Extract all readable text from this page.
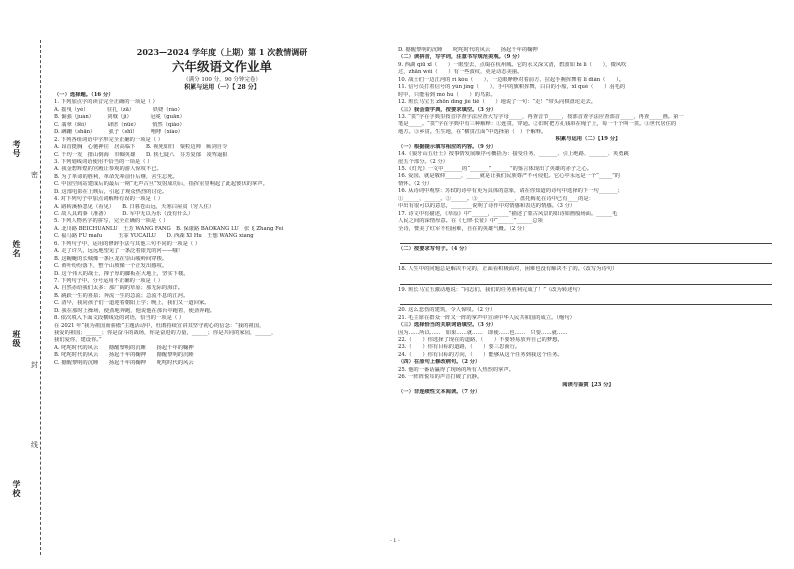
考号
姓名
班级
学校
密
封
线
2023—2024 学年度（上期）第 1 次教情调研
六年级语文作业单
（满分 100 分，90 分钟完卷）
积累与运用（一）【 28 分】
（一）选择题。（16 分）
1. 下列加点字的读音完全正确的一项是（ ）
A. 摇曳（yè）　　　　驻扎（zā）　　　　妖娆（ráo）
B. 倔强（juàn）　　　剑戟（jǐ）　　　　冠冕（guān）
C. 翡翠（fěi）　　　　肆虐（nüè）　　　悄然（qiǎo）
D. 蹒跚（shān）　　　虱子（shī）　　　咆哮（xiào）
2. 下列各组词语中字形完全正确的一项是（ ）
A. 昂首挺胸　心驰神往　居高临下　　B. 视死如归　粟粒边帅　厮剑自令
C. 千均一发　排山倒海　巾帼英雄　　D. 狭七陡八　芬芳复郁　凌驾逼狠
3. 下列划线词语使用不恰当的一项是（ ）
A. 我金碧辉煌的宫殿让参观的游人惊叹不已。
B. 为了革命的胜利，革命先辈前仆后继，舍生忘死。
C. 中国空间站建成后的最后一期“无声古旦”发射成功后，指挥室里响起了此起彼伏的掌声。
D. 这部电影在上映后，引起了观众热烈的讨论。
4. 对下列句子中加点词解释有误的一项是（ ）
A. 路转溪桥忽见（看见）　　B. 日暮苍山远，天寒白屋贫（穷人住）
C. 故人具鸡黍（准备）　　　D. 军中无以为乐（没有什么）
5. 下列人物名字的拼写，完全正确的一项是（ ）
A. 北川路 BEICHUANLU　王芳 WANG FANG　B. 保康路 BAOKANG LU　张飞 Zhang Fei
C. 福马路 FU mafu　　　玉霏 YUCAILU　　D. 西湖 XI Hu　王想 WANG xiang
6. 下列句子中，运用的修辞手法与其他三句不同的一项是（ ）
A. 走了许久，远远地望见了一条泛着银光的河——哦！
B. 这蜿蜒的长城像一条巨龙在崇山峻岭间穿梭。
C. 黄叶纷纷落下，整个山坡像一个正发出感叹。
D. 这个伟大的战士，撑子厚的脚板在大地上，坚实下楼。
7. 下列句子中，分号运用不正确的一项是（ ）
A. 自然赤给我们太多：那广阔的草原；那无际的海洋。
B. 跳跃一生的喜泉；奔流一生的急流；急流不息的江河。
C. 清早，我同孩子们一道迎着朝阳上学；晚上，我们又一道回家。
D. 我在那时上操场，使劲地奔跑，他说他在那台中跑着，使劲奔跑。
8. 依次填入下面文段横线处的词语，恰当的一项是（ ）
在 2021 年“我为祖国而骄傲”主题活动中，杜鹃持续宣讲其坚守初心的信念：“我的祖国，
我爱的祖国；______；你是奋斗的战场，你是奋进的力量，______；你是共同的家园，______，
我们爱你，建设你。”
A. 叱咤时代的风云　　撼醒黎明的沉睡　　扬起千年的鞠押
B. 叱咤时代的风云　　扬起千年的鞠押　　撼醒黎明的沉睡
C. 撼醒黎明的沉睡　　扬起千年的鞠押　　叱咤时代的风云
D. 撼醒黎明的沉睡　　叱咤时代的风云　　扬起千年的鞠押
（二）读拼音，写字词，注意书写规范美观。（9 分）
9. 西湖 qiū xī（　　）一眼望去，点缀在杭州城。它的水又深又清，碧波如 bì lì（　　），微风吹
过，zhān wèi（　　）有一些波纹，更是动态美丽。
10. 战士们一边江河的 rì kòu（　　），一边眼睁睁对着前方，拉起手腕挥舞着 lǐ diǎn（　　）。
11. 信号员打着信号的 yùn jìng（　　），手中的旗帜挥舞，白白的小船，xī què（　　）羽毛的
时中，只能看到 mó hu（　　）的鸟影。
12. 班长马宝玉 zhōn dìng jié tiě（　　）地说了一句：“走！”带头向棋盘坨走去。
（三）我会查字典，按要求填空。（3 分）
13. “贯”字在字典里按音序查字法应查大写字母_____，再查音节_____，按部首查字法应查部首_____，再查_____画。第一
笔是_____。“贯”字在字典中有三种解释：①连贯，穿通。②旧时把方孔钱串在绳子上，每一千个叫一贯。③世代居住的
地方。③乡贯。生生地，在“横贯江面”中选择第（　）个解释。
积累与运用（二）【19 分】
（一）根据提示填写相应的内容。（9 分）
14.《狼牙山五壮士》按事情发展顺序可概括为：接受任务、_______、引上绝路、_______、英勇跳
崖五个部分。（2 分）
15.《灯光》一文中_______的“_______”_______”的鉴言体现出了英雄的赤子之心。
16. 爱国，就是敬仰______，_____就是让我们民族尊严不可侵犯。它心中永远是一个“_____”的
情怀。（2 分）
16. 从诗词中观察：苏轼的诗中有更为具体的意象，请在你知道的诗句中选择的下一句_______；
①______，______。②______。③______，______、盘托梅花在诗中已有____的是：
中出有很可以的意思，________说明了诗作中对情感和表达的情感。（3 分）
17. 诗文中有描述，《草原》中“______，______”描述了蒙古风景的如诗如画般场面。______毛
人民之间的深情厚意。在《七律·长征》中“______”______总领
全诗，赞美了红军不怕困难，自在的英雄气概。（2 分）
（二）按要求写句子。（4 分）
18. 人生中的问题总是解决不完的，正面看积极面对，困难也没有解决不了的。（改写为诗句）
19. 班长马宝玉激动地说：“同志们，我们的任务胜利完成了！”（改为转述句）
20. 这么悲伤的建筑，令人惊叹。（2 分）
21. 毛主席在群众一阵又一阵的掌声中宣读中华人民共和国的成立。（缩句）
（三）选择恰当的关联词语填空。（3 分）
因为……所以……　如果……就……　即使……也……　只要……就……
22.（　　）你选择了现在的道路，（　　）不要轻易放弃自己的梦想。
23.（　　）你有目标的道路，（　　）要三思而行。
24.（　　）你有目标的方向，（　　）能够从这个任务到我这个任务。
（四）在原句上修改病句。（2 分）
25. 他的一番话赢得了现场的所有人热烈的掌声。
26. 一阵阵悦耳的声音打破了沉静。
阅读与鉴赏【23 分】
（一）非连续性文本阅读。（7 分）
- 1 -
